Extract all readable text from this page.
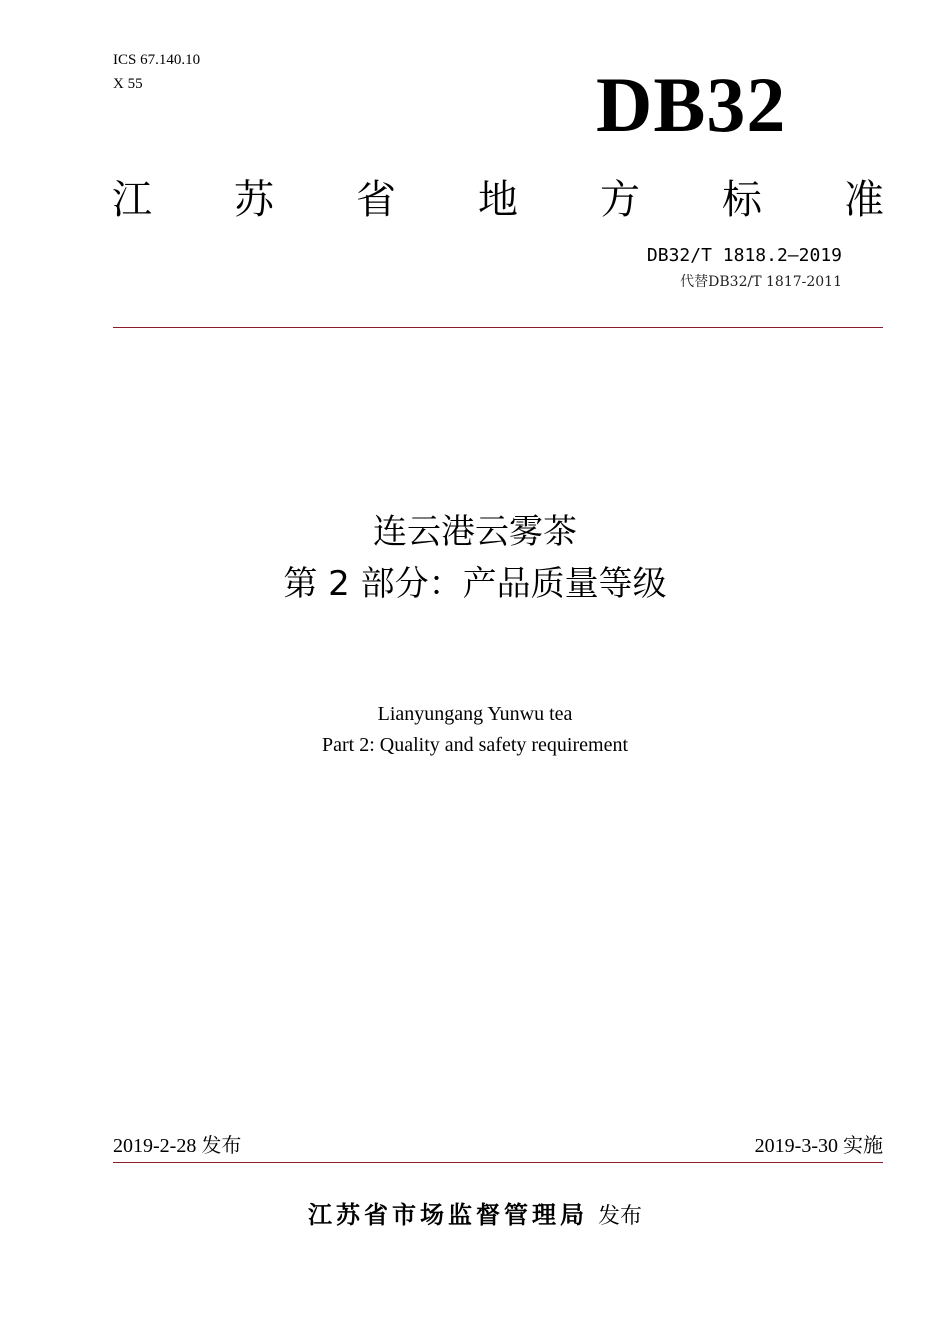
ICS 67.140.10
X 55	DB32
江 苏 省 地 方 标 准
DB32/T 1818.2—2019
代替DB32/T 1817-2011
连云港云雾茶
第 2 部分：产品质量等级
Lianyungang Yunwu tea
Part 2: Quality and safety requirement
2019-2-28 发布	2019-3-30 实施
江苏省市场监督管理局 发布
